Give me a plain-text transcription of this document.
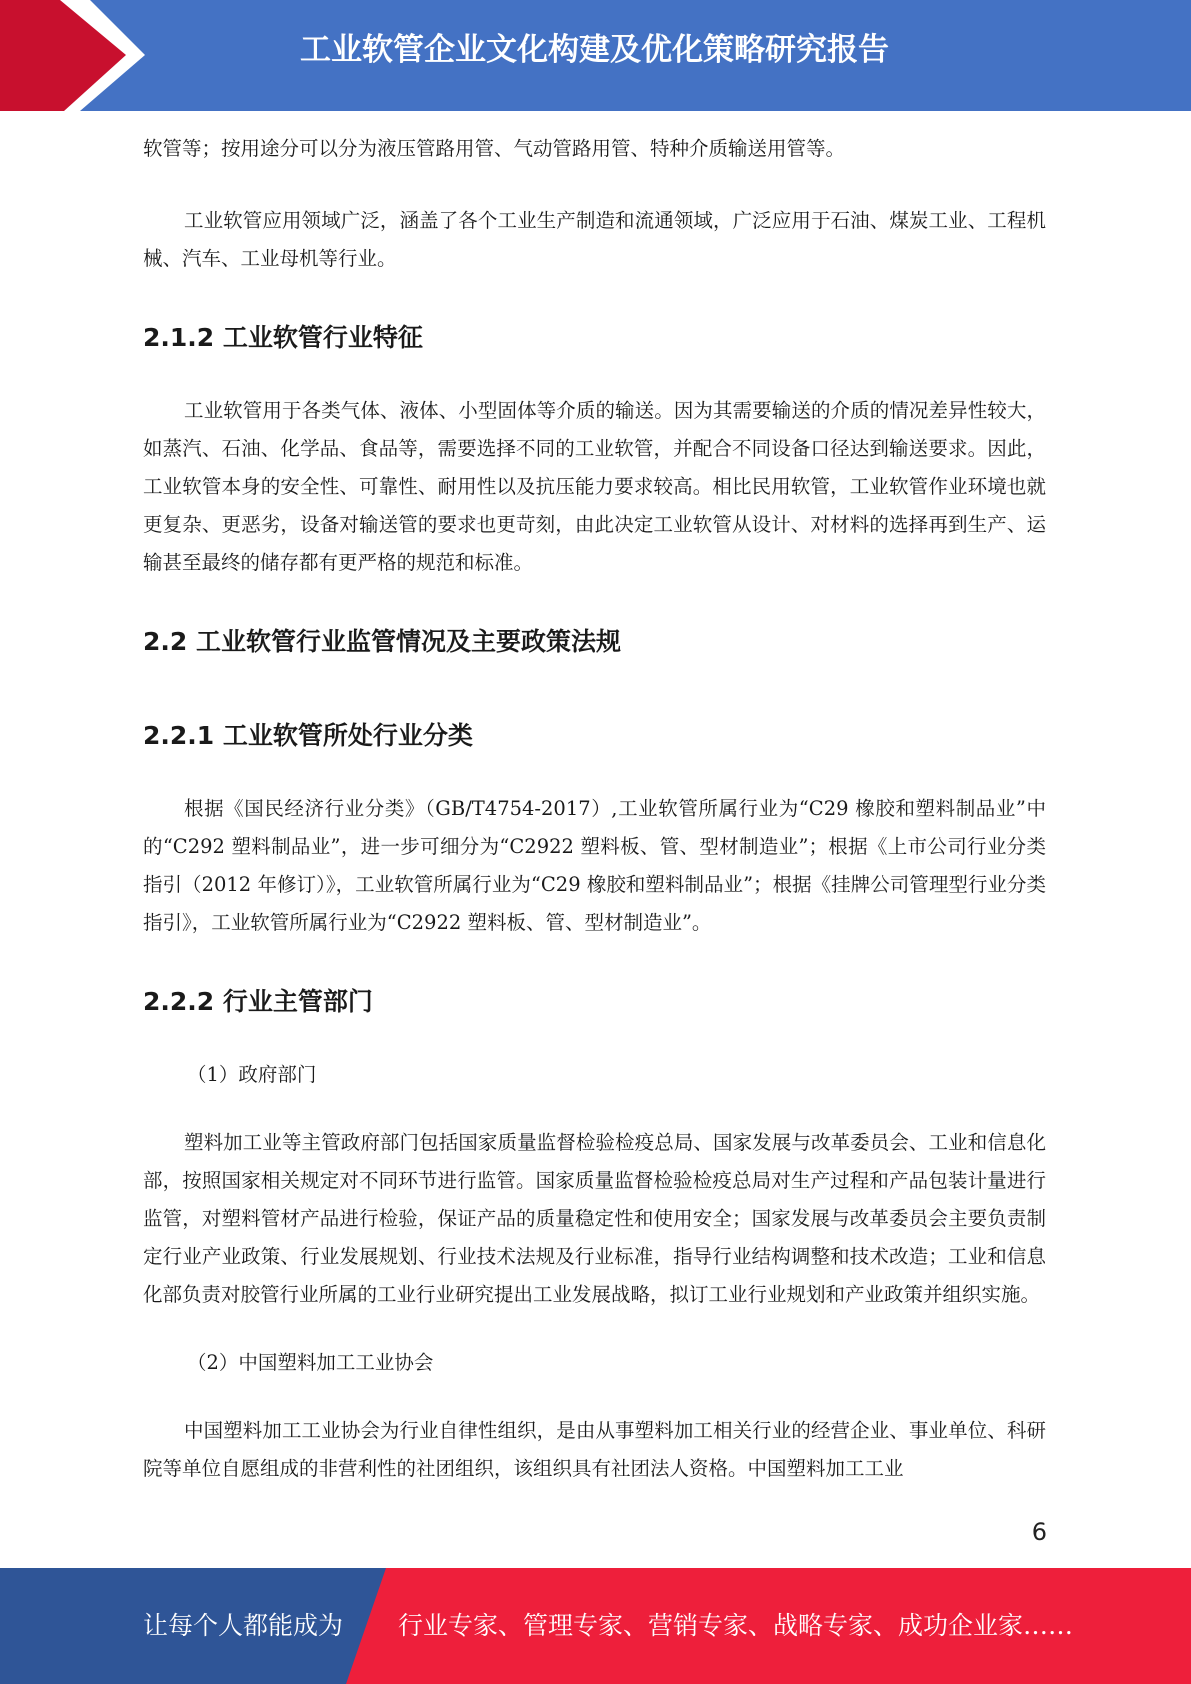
工业软管企业文化构建及优化策略研究报告

软管等；按用途分可以分为液压管路用管、气动管路用管、特种介质输送用管等。

工业软管应用领域广泛，涵盖了各个工业生产制造和流通领域，广泛应用于石油、煤炭工业、工程机械、汽车、工业母机等行业。

2.1.2 工业软管行业特征

工业软管用于各类气体、液体、小型固体等介质的输送。因为其需要输送的介质的情况差异性较大，如蒸汽、石油、化学品、食品等，需要选择不同的工业软管，并配合不同设备口径达到输送要求。因此，工业软管本身的安全性、可靠性、耐用性以及抗压能力要求较高。相比民用软管，工业软管作业环境也就更复杂、更恶劣，设备对输送管的要求也更苛刻，由此决定工业软管从设计、对材料的选择再到生产、运输甚至最终的储存都有更严格的规范和标准。

2.2 工业软管行业监管情况及主要政策法规
2.2.1 工业软管所处行业分类

根据《国民经济行业分类》（GB/T4754-2017）,工业软管所属行业为“C29 橡胶和塑料制品业”中的“C292 塑料制品业”，进一步可细分为“C2922 塑料板、管、型材制造业”；根据《上市公司行业分类指引（2012 年修订）》，工业软管所属行业为“C29 橡胶和塑料制品业”；根据《挂牌公司管理型行业分类指引》，工业软管所属行业为“C2922 塑料板、管、型材制造业”。

2.2.2 行业主管部门

（1）政府部门

塑料加工业等主管政府部门包括国家质量监督检验检疫总局、国家发展与改革委员会、工业和信息化部，按照国家相关规定对不同环节进行监管。国家质量监督检验检疫总局对生产过程和产品包装计量进行监管，对塑料管材产品进行检验，保证产品的质量稳定性和使用安全；国家发展与改革委员会主要负责制定行业产业政策、行业发展规划、行业技术法规及行业标准，指导行业结构调整和技术改造；工业和信息化部负责对胶管行业所属的工业行业研究提出工业发展战略，拟订工业行业规划和产业政策并组织实施。

（2）中国塑料加工工业协会

中国塑料加工工业协会为行业自律性组织，是由从事塑料加工相关行业的经营企业、事业单位、科研院等单位自愿组成的非营利性的社团组织，该组织具有社团法人资格。中国塑料加工工业

6
让每个人都能成为 行业专家、管理专家、营销专家、战略专家、成功企业家……
